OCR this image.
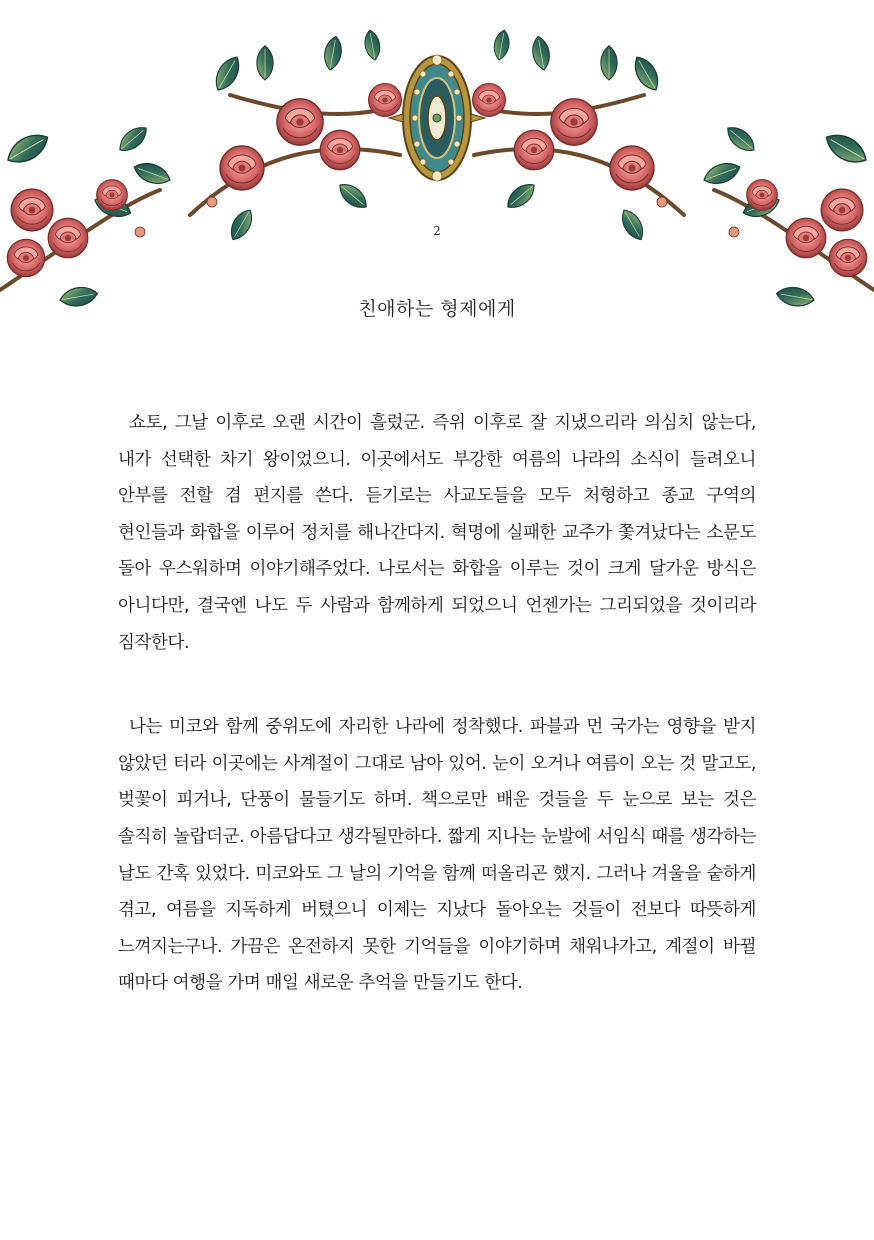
2
친애하는 형제에게

쇼토, 그날 이후로 오랜 시간이 흘렀군. 즉위 이후로 잘 지냈으리라 의심치 않는다, 내가 선택한 차기 왕이었으니. 이곳에서도 부강한 여름의 나라의 소식이 들려오니 안부를 전할 겸 편지를 쓴다. 듣기로는 사교도들을 모두 처형하고 종교 구역의 현인들과 화합을 이루어 정치를 해나간다지. 혁명에 실패한 교주가 쫓겨났다는 소문도 돌아 우스워하며 이야기해주었다. 나로서는 화합을 이루는 것이 크게 달가운 방식은 아니다만, 결국엔 나도 두 사람과 함께하게 되었으니 언젠가는 그리되었을 것이리라 짐작한다.

나는 미코와 함께 중위도에 자리한 나라에 정착했다. 파블과 먼 국가는 영향을 받지 않았던 터라 이곳에는 사계절이 그대로 남아 있어. 눈이 오거나 여름이 오는 것 말고도, 벚꽃이 피거나, 단풍이 물들기도 하며. 책으로만 배운 것들을 두 눈으로 보는 것은 솔직히 놀랍더군. 아름답다고 생각될만하다. 짧게 지나는 눈발에 서임식 때를 생각하는 날도 간혹 있었다. 미코와도 그 날의 기억을 함께 떠올리곤 했지. 그러나 겨울을 숱하게 겪고, 여름을 지독하게 버텼으니 이제는 지났다 돌아오는 것들이 전보다 따뜻하게 느껴지는구나. 가끔은 온전하지 못한 기억들을 이야기하며 채워나가고, 계절이 바뀔 때마다 여행을 가며 매일 새로운 추억을 만들기도 한다.
